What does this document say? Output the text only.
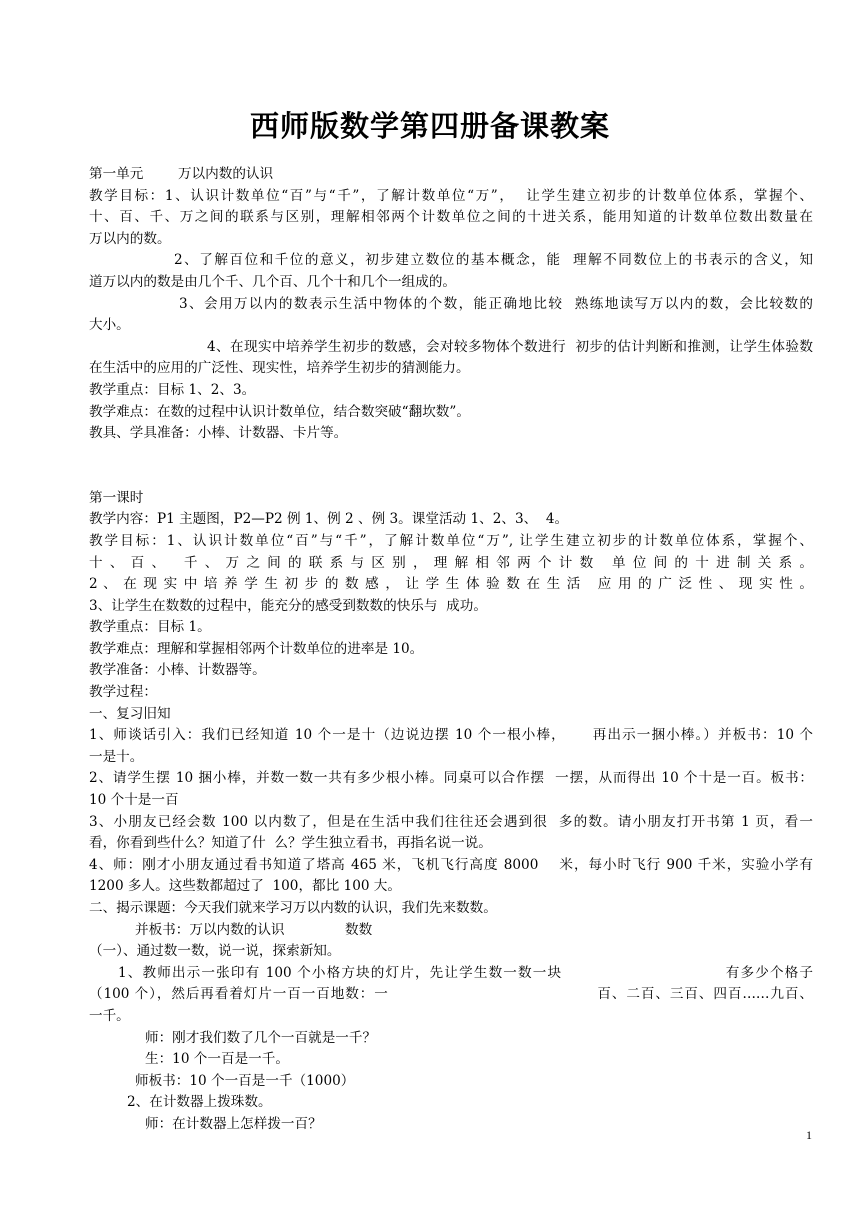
西师版数学第四册备课教案

第一单元        万以内数的认识

教学目标：1、认识计数单位“百”与“千”，了解计数单位“万”，  让学生建立初步的计数单位体系，掌握个、

十、百、千、万之间的联系与区别，理解相邻两个计数单位之间的十进关系，能用知道的计数单位数出数量在

万以内的数。

2、了解百位和千位的意义，初步建立数位的基本概念，能  理解不同数位上的书表示的含义，知

道万以内的数是由几个千、几个百、几个十和几个一组成的。

3、会用万以内的数表示生活中物体的个数，能正确地比较  熟练地读写万以内的数，会比较数的

大小。

4、在现实中培养学生初步的数感，会对较多物体个数进行  初步的估计判断和推测，让学生体验数

在生活中的应用的广泛性、现实性，培养学生初步的猜测能力。

教学重点：目标 1、2、3。

教学难点：在数的过程中认识计数单位，结合数突破“翻坎数”。

教具、学具准备：小棒、计数器、卡片等。

第一课时

教学内容：P1 主题图，P2—P2 例 1、例 2 、例 3。课堂活动 1、2、3、  4。

教学目标：1、认识计数单位“百”与“千”，了解计数单位“万”, 让学生建立初步的计数单位体系，掌握个、

十 、 百 、   千 、 万 之 间 的 联 系 与 区 别 ， 理 解 相 邻 两 个 计 数   单 位 间 的 十 进 制 关 系 。

2 、 在 现 实 中 培 养 学 生 初 步 的 数 感 ， 让 学 生 体 验 数 在 生 活   应 用 的 广 泛 性 、 现 实 性 。

3、让学生在数数的过程中，能充分的感受到数数的快乐与  成功。

教学重点：目标 1。

教学难点：理解和掌握相邻两个计数单位的进率是 10。

教学准备：小棒、计数器等。

教学过程：

一、复习旧知

1、师谈话引入：我们已经知道 10 个一是十（边说边摆 10 个一根小棒，     再出示一捆小棒。）并板书：10 个

一是十。

2、请学生摆 10 捆小棒，并数一数一共有多少根小棒。同桌可以合作摆  一摆，从而得出 10 个十是一百。板书：

10 个十是一百

3、小朋友已经会数 100 以内数了，但是在生活中我们往往还会遇到很  多的数。请小朋友打开书第 1 页，看一

看，你看到些什么？知道了什  么？学生独立看书，再指名说一说。

4、师：刚才小朋友通过看书知道了塔高 465 米，飞机飞行高度 8000    米，每小时飞行 900 千米，实验小学有

1200 多人。这些数都超过了  100，都比 100 大。

二、揭示课题：今天我们就来学习万以内数的认识，我们先来数数。

并板书：万以内数的认识              数数

（一）、通过数一数，说一说，探索新知。

1、教师出示一张印有 100 个小格方块的灯片，先让学生数一数一块                              有多少个格子

（100 个），然后再看着灯片一百一百地数：一                                        百、二百、三百、四百……九百、

一千。

师：刚才我们数了几个一百就是一千？

生：10 个一百是一千。

师板书：10 个一百是一千（1000）

2、在计数器上拨珠数。

师：在计数器上怎样拨一百？

1
